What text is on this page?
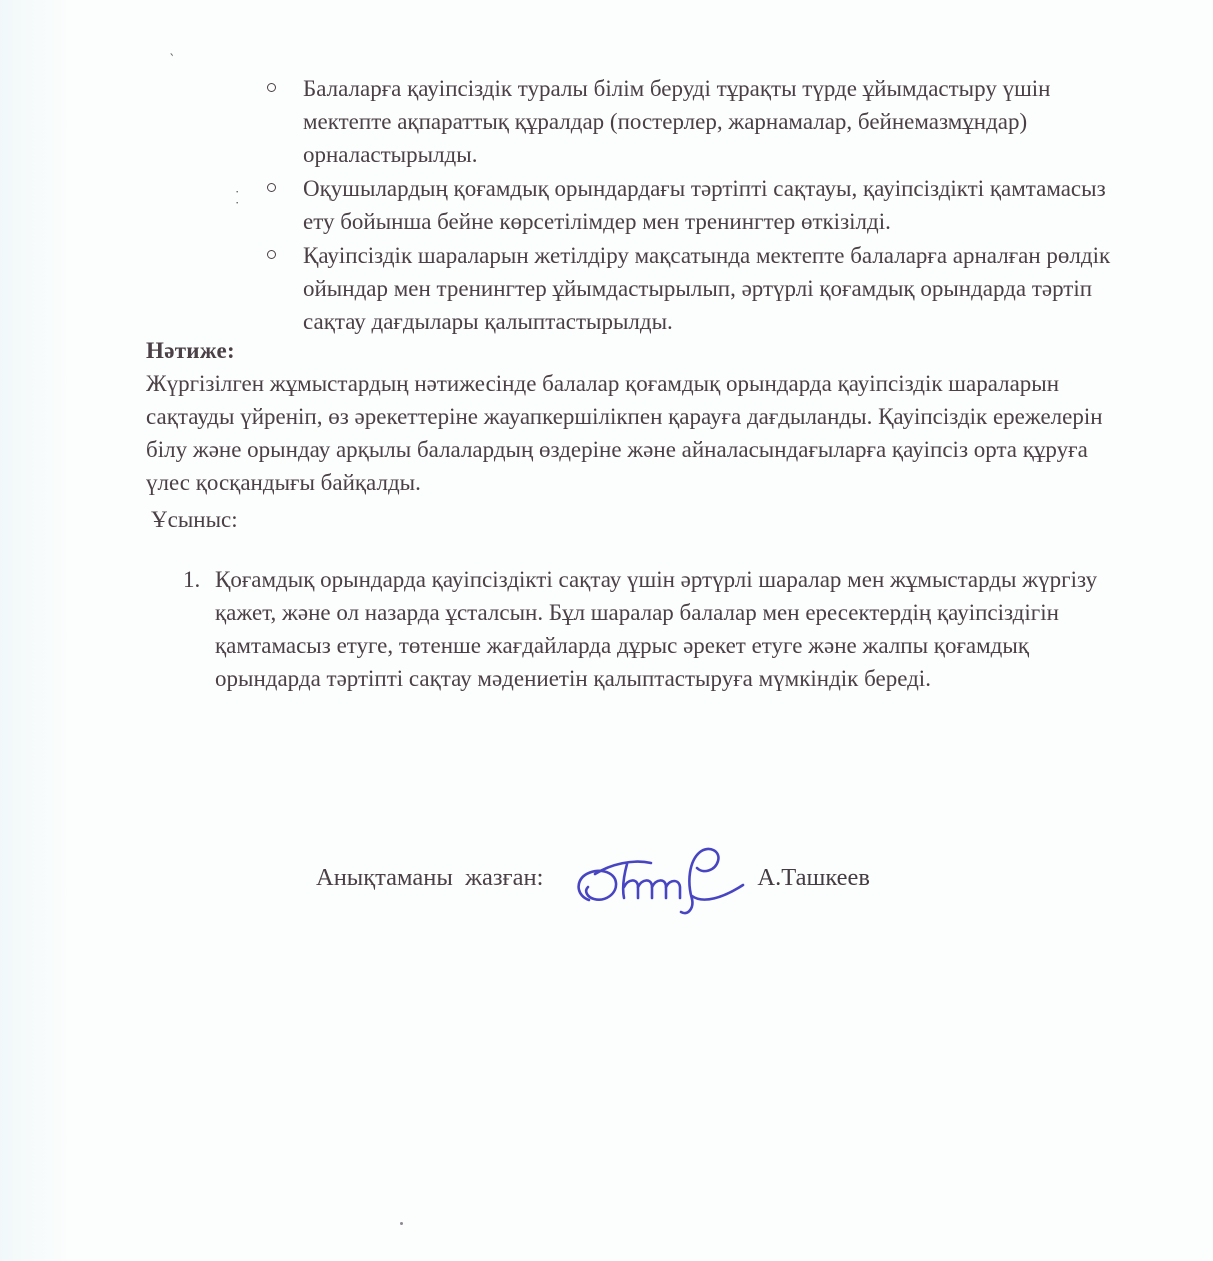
`
·
·
Балаларға қауіпсіздік туралы білім беруді тұрақты түрде ұйымдастыру үшін мектепте ақпараттық құралдар (постерлер, жарнамалар, бейнемазмұндар) орналастырылды.
Оқушылардың қоғамдық орындардағы тәртіпті сақтауы, қауіпсіздікті қамтамасыз ету бойынша бейне көрсетілімдер мен тренингтер өткізілді.
Қауіпсіздік шараларын жетілдіру мақсатында мектепте балаларға арналған рөлдік ойындар мен тренингтер ұйымдастырылып, әртүрлі қоғамдық орындарда тәртіп сақтау дағдылары қалыптастырылды.
Нәтиже:
Жүргізілген жұмыстардың нәтижесінде балалар қоғамдық орындарда қауіпсіздік шараларын сақтауды үйреніп, өз әрекеттеріне жауапкершілікпен қарауға дағдыланды. Қауіпсіздік ережелерін білу және орындау арқылы балалардың өздеріне және айналасындағыларға қауіпсіз орта құруға үлес қосқандығы байқалды.
Ұсыныс:
1. Қоғамдық орындарда қауіпсіздікті сақтау үшін әртүрлі шаралар мен жұмыстарды жүргізу қажет, және ол назарда ұсталсын. Бұл шаралар балалар мен ересектердің қауіпсіздігін қамтамасыз етуге, төтенше жағдайларда дұрыс әрекет етуге және жалпы қоғамдық орындарда тәртіпті сақтау мәдениетін қалыптастыруға мүмкіндік береді.
Анықтаманы  жазған:	А.Ташкеев
